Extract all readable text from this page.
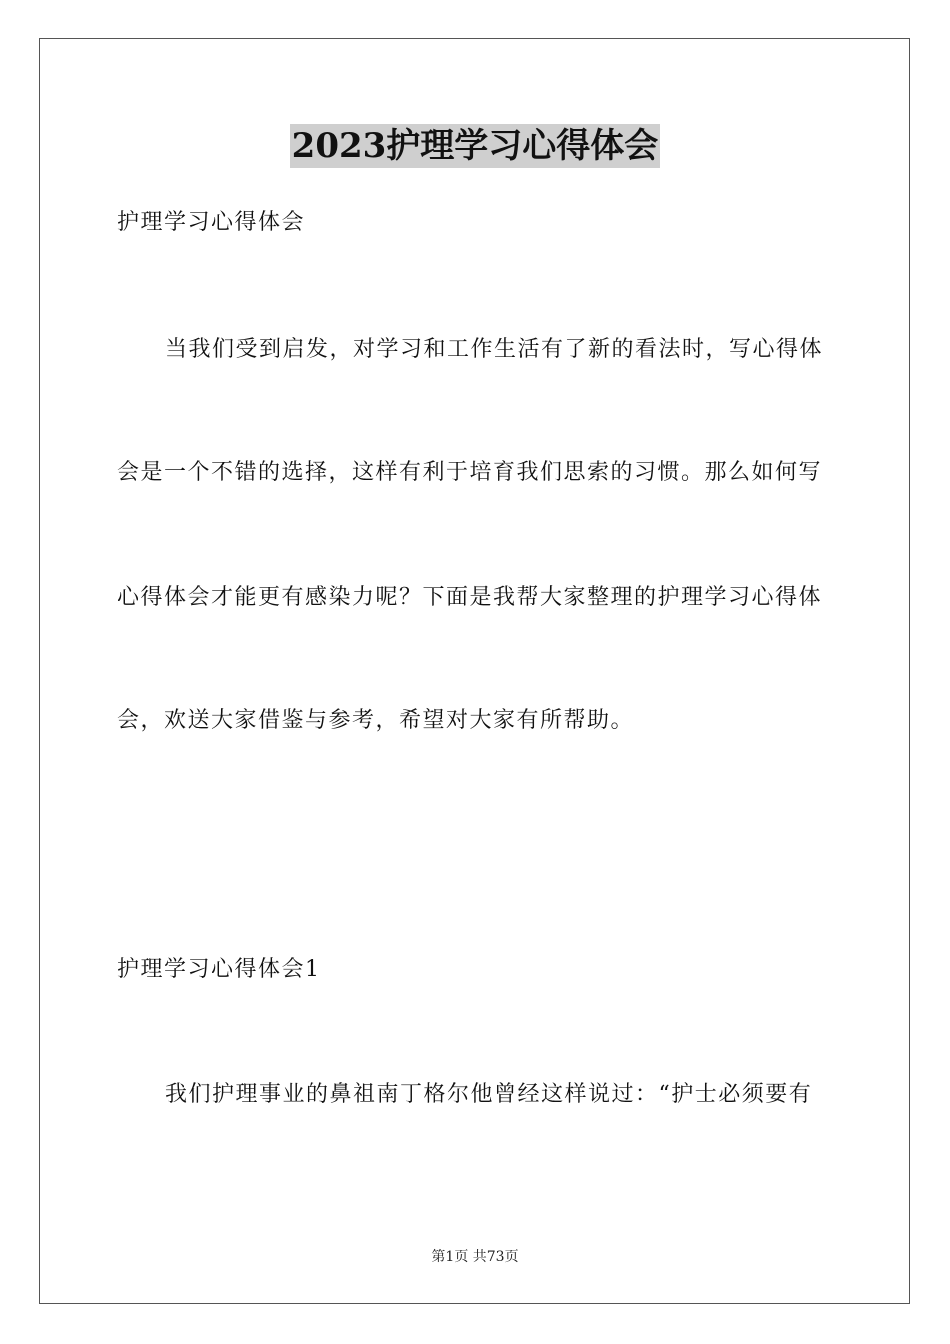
2023护理学习心得体会
护理学习心得体会
当我们受到启发，对学习和工作生活有了新的看法时，写心得体
会是一个不错的选择，这样有利于培育我们思索的习惯。那么如何写
心得体会才能更有感染力呢？下面是我帮大家整理的护理学习心得体
会，欢送大家借鉴与参考，希望对大家有所帮助。
护理学习心得体会1
我们护理事业的鼻祖南丁格尔他曾经这样说过：“护士必须要有
第1页 共73页
